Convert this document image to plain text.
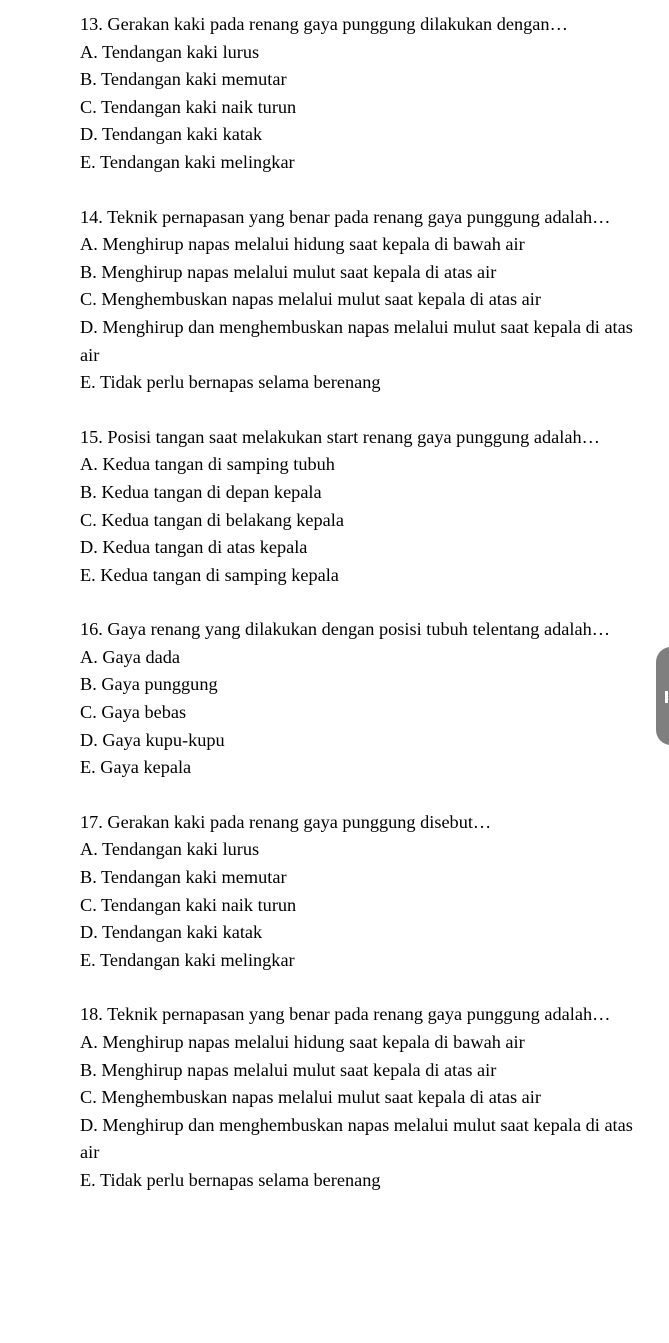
13. Gerakan kaki pada renang gaya punggung dilakukan dengan…
A. Tendangan kaki lurus
B. Tendangan kaki memutar
C. Tendangan kaki naik turun
D. Tendangan kaki katak
E. Tendangan kaki melingkar
14. Teknik pernapasan yang benar pada renang gaya punggung adalah…
A. Menghirup napas melalui hidung saat kepala di bawah air
B. Menghirup napas melalui mulut saat kepala di atas air
C. Menghembuskan napas melalui mulut saat kepala di atas air
D. Menghirup dan menghembuskan napas melalui mulut saat kepala di atas air
E. Tidak perlu bernapas selama berenang
15. Posisi tangan saat melakukan start renang gaya punggung adalah…
A. Kedua tangan di samping tubuh
B. Kedua tangan di depan kepala
C. Kedua tangan di belakang kepala
D. Kedua tangan di atas kepala
E. Kedua tangan di samping kepala
16. Gaya renang yang dilakukan dengan posisi tubuh telentang adalah…
A. Gaya dada
B. Gaya punggung
C. Gaya bebas
D. Gaya kupu-kupu
E. Gaya kepala
17. Gerakan kaki pada renang gaya punggung disebut…
A. Tendangan kaki lurus
B. Tendangan kaki memutar
C. Tendangan kaki naik turun
D. Tendangan kaki katak
E. Tendangan kaki melingkar
18. Teknik pernapasan yang benar pada renang gaya punggung adalah…
A. Menghirup napas melalui hidung saat kepala di bawah air
B. Menghirup napas melalui mulut saat kepala di atas air
C. Menghembuskan napas melalui mulut saat kepala di atas air
D. Menghirup dan menghembuskan napas melalui mulut saat kepala di atas air
E. Tidak perlu bernapas selama berenang
